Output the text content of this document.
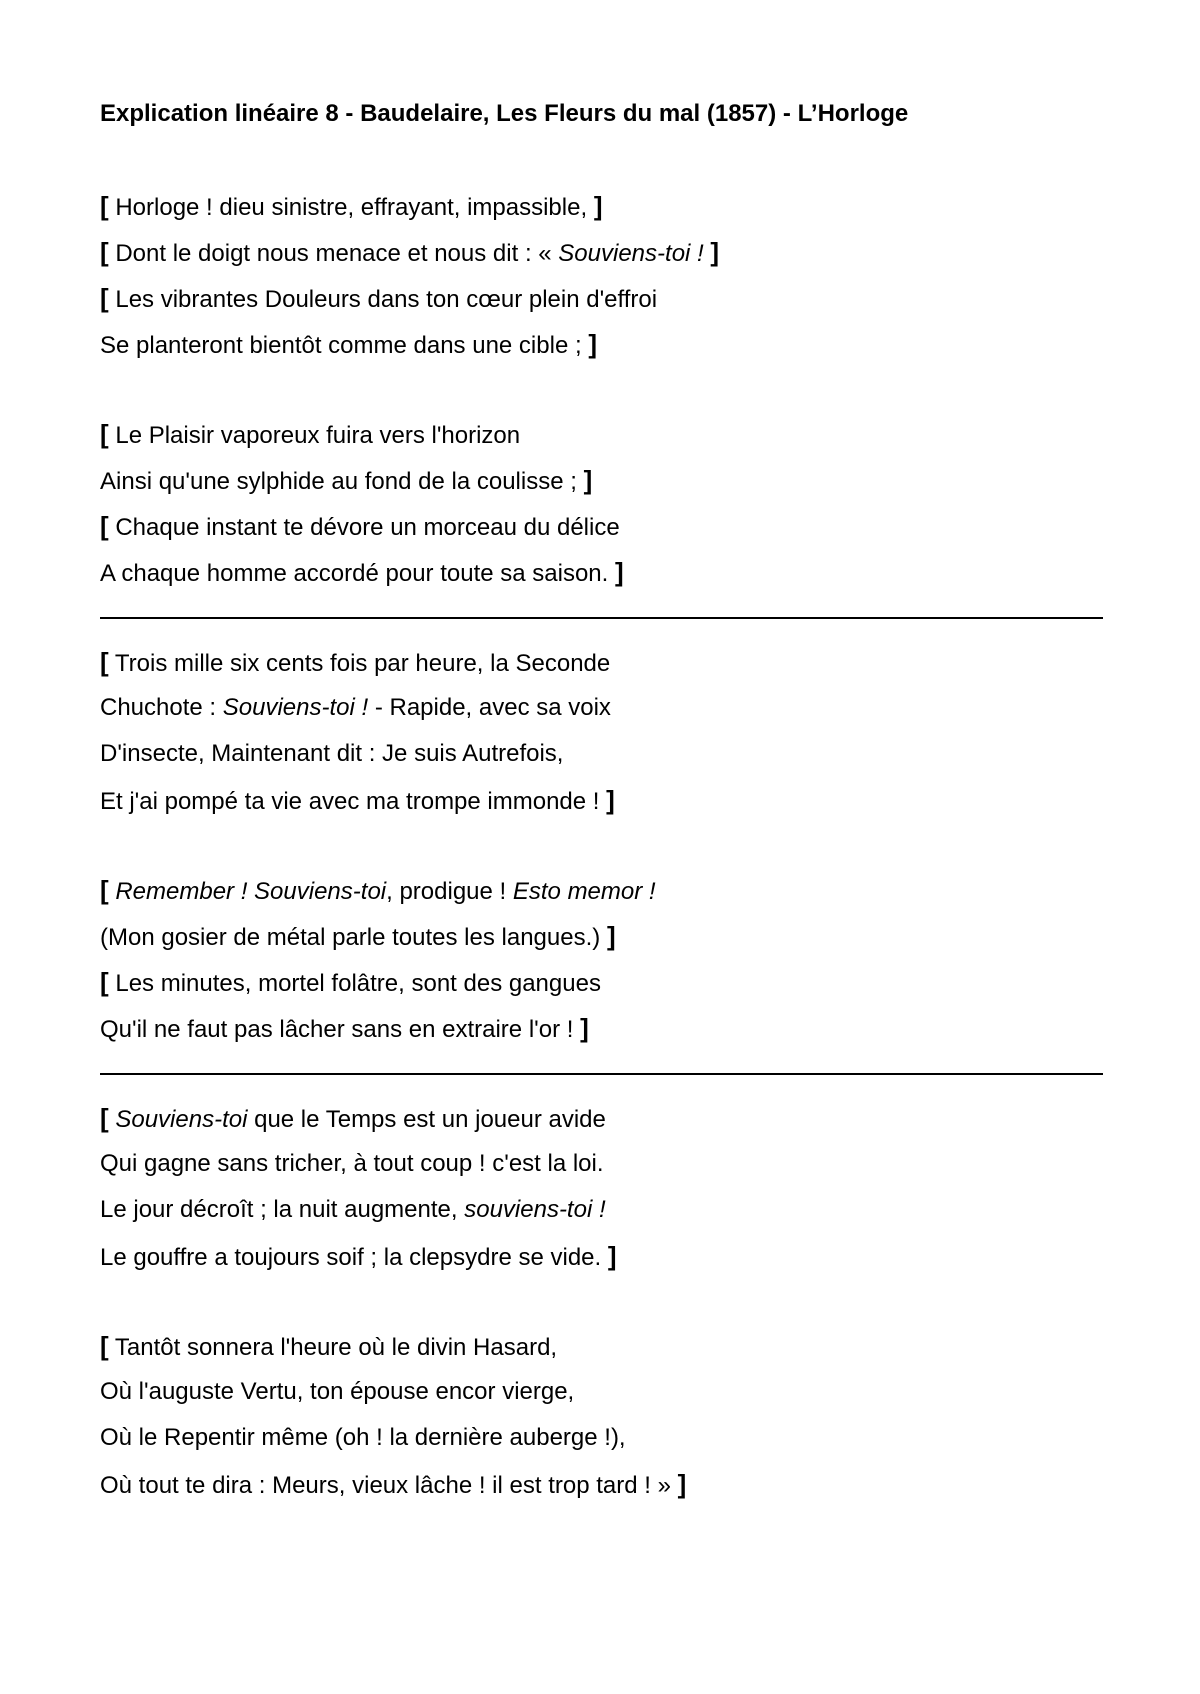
Explication linéaire 8 - Baudelaire, Les Fleurs du mal (1857) - L’Horloge
[ Horloge ! dieu sinistre, effrayant, impassible, ]
[ Dont le doigt nous menace et nous dit : « Souviens-toi ! ]
[ Les vibrantes Douleurs dans ton cœur plein d'effroi
Se planteront bientôt comme dans une cible ; ]
[ Le Plaisir vaporeux fuira vers l'horizon
Ainsi qu'une sylphide au fond de la coulisse ; ]
[ Chaque instant te dévore un morceau du délice
A chaque homme accordé pour toute sa saison. ]
[ Trois mille six cents fois par heure, la Seconde
Chuchote : Souviens-toi ! - Rapide, avec sa voix
D'insecte, Maintenant dit : Je suis Autrefois,
Et j'ai pompé ta vie avec ma trompe immonde ! ]
[ Remember ! Souviens-toi, prodigue ! Esto memor !
(Mon gosier de métal parle toutes les langues.) ]
[ Les minutes, mortel folâtre, sont des gangues
Qu'il ne faut pas lâcher sans en extraire l'or ! ]
[ Souviens-toi que le Temps est un joueur avide
Qui gagne sans tricher, à tout coup ! c'est la loi.
Le jour décroît ; la nuit augmente, souviens-toi !
Le gouffre a toujours soif ; la clepsydre se vide. ]
[ Tantôt sonnera l'heure où le divin Hasard,
Où l'auguste Vertu, ton épouse encor vierge,
Où le Repentir même (oh ! la dernière auberge !),
Où tout te dira : Meurs, vieux lâche ! il est trop tard ! » ]
